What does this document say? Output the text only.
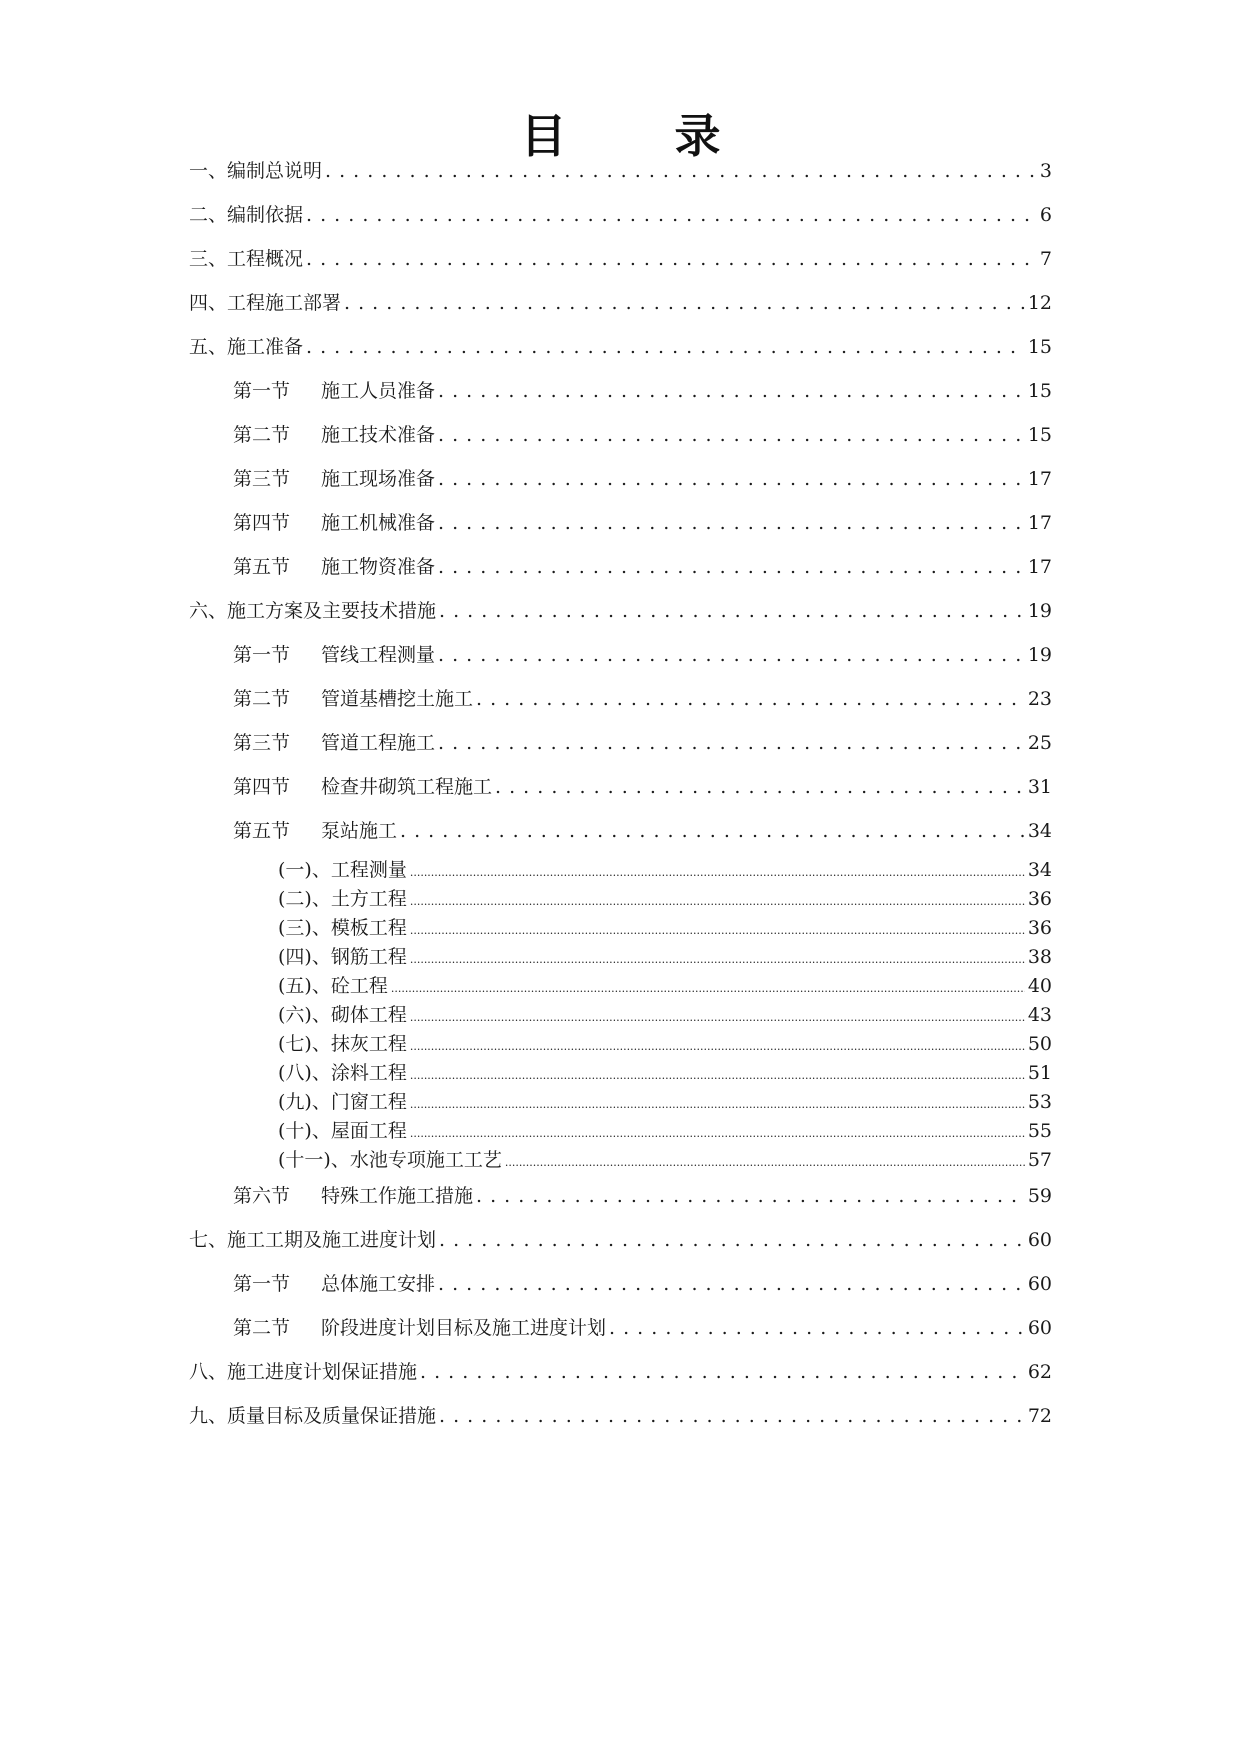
目 录
一、编制总说明 . . .	3
二、编制依据 . . .	6
三、工程概况 . . .	7
四、工程施工部署 . . .	12
五、施工准备 . . .	15
第一节 施工人员准备 . . .	15
第二节 施工技术准备 . . .	15
第三节 施工现场准备 . . .	17
第四节 施工机械准备 . . .	17
第五节 施工物资准备 . . .	17
六、施工方案及主要技术措施 . . .	19
第一节 管线工程测量 . . .	19
第二节 管道基槽挖土施工 . . .	23
第三节 管道工程施工 . . .	25
第四节 检查井砌筑工程施工 . . .	31
第五节 泵站施工 . . .	34
(一)、工程测量 .....	34
(二)、土方工程 .....	36
(三)、模板工程 .....	36
(四)、钢筋工程 .....	38
(五)、砼工程 .....	40
(六)、砌体工程 .....	43
(七)、抹灰工程 .....	50
(八)、涂料工程 .....	51
(九)、门窗工程 .....	53
(十)、屋面工程 .....	55
(十一)、水池专项施工工艺 .....	57
第六节 特殊工作施工措施 . . .	59
七、施工工期及施工进度计划 . . .	60
第一节 总体施工安排 . . .	60
第二节 阶段进度计划目标及施工进度计划 . . .	60
八、施工进度计划保证措施 . . .	62
九、质量目标及质量保证措施 . . .	72
